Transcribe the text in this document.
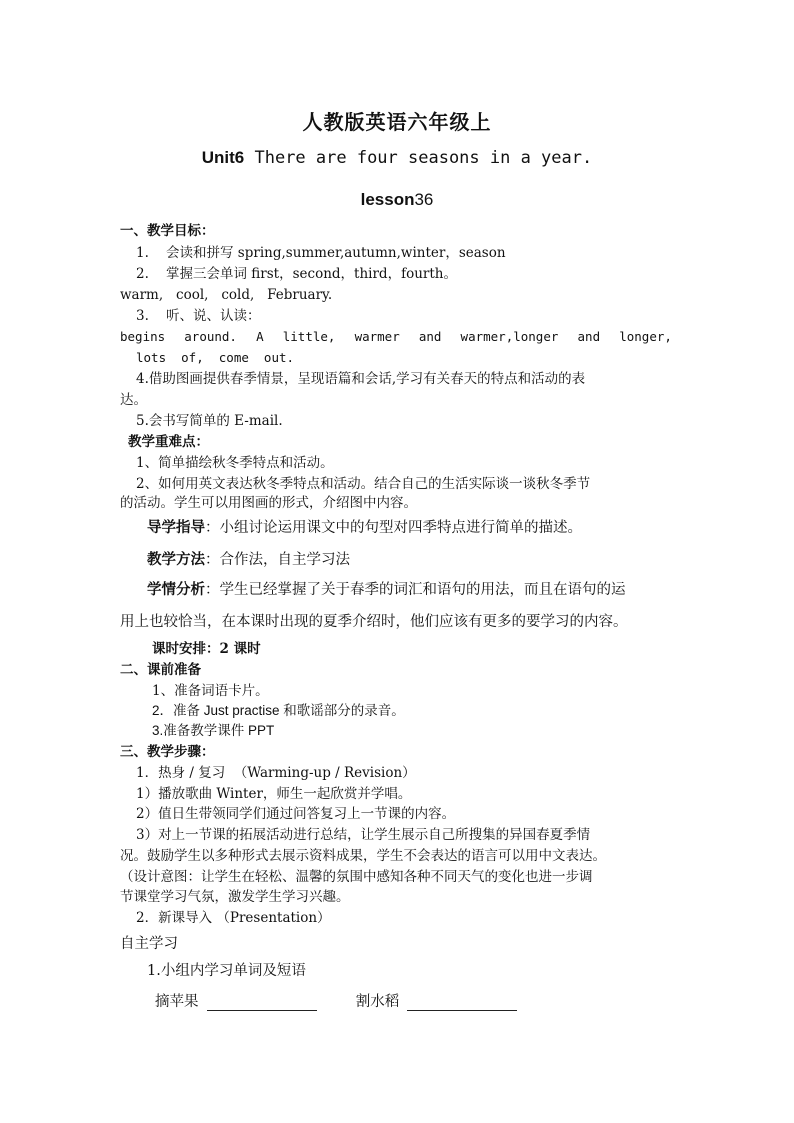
人教版英语六年级上
Unit6 There are four seasons in a year.
lesson36
一、教学目标：
1. 会读和拼写 spring,summer,autumn,winter，season
2. 掌握三会单词 first，second，third，fourth。
warm,   cool,   cold,   February.
3. 听、说、认读：
begins around. A little, warmer and warmer,longer and longer,
lots  of,  come  out.
4.借助图画提供春季情景，呈现语篇和会话,学习有关春天的特点和活动的表
达。
5.会书写简单的 E-mail.
教学重难点：
1、简单描绘秋冬季特点和活动。
2、如何用英文表达秋冬季特点和活动。结合自己的生活实际谈一谈秋冬季节
的活动。学生可以用图画的形式，介绍图中内容。
导学指导：小组讨论运用课文中的句型对四季特点进行简单的描述。
教学方法：合作法，自主学习法
学情分析：学生已经掌握了关于春季的词汇和语句的用法，而且在语句的运
用上也较恰当，在本课时出现的夏季介绍时，他们应该有更多的要学习的内容。
课时安排：2 课时
二、课前准备
1、准备词语卡片。
2．准备 Just practise 和歌谣部分的录音。
3.准备教学课件 PPT
三、教学步骤：
1．热身 / 复习  （Warming-up / Revision）
1）播放歌曲 Winter，师生一起欣赏并学唱。
2）值日生带领同学们通过问答复习上一节课的内容。
3）对上一节课的拓展活动进行总结，让学生展示自己所搜集的异国春夏季情
况。鼓励学生以多种形式去展示资料成果，学生不会表达的语言可以用中文表达。
（设计意图：让学生在轻松、温馨的氛围中感知各种不同天气的变化也进一步调
节课堂学习气氛，激发学生学习兴趣。
2．新课导入 （Presentation）
自主学习
1.小组内学习单词及短语
摘苹果	割水稻
